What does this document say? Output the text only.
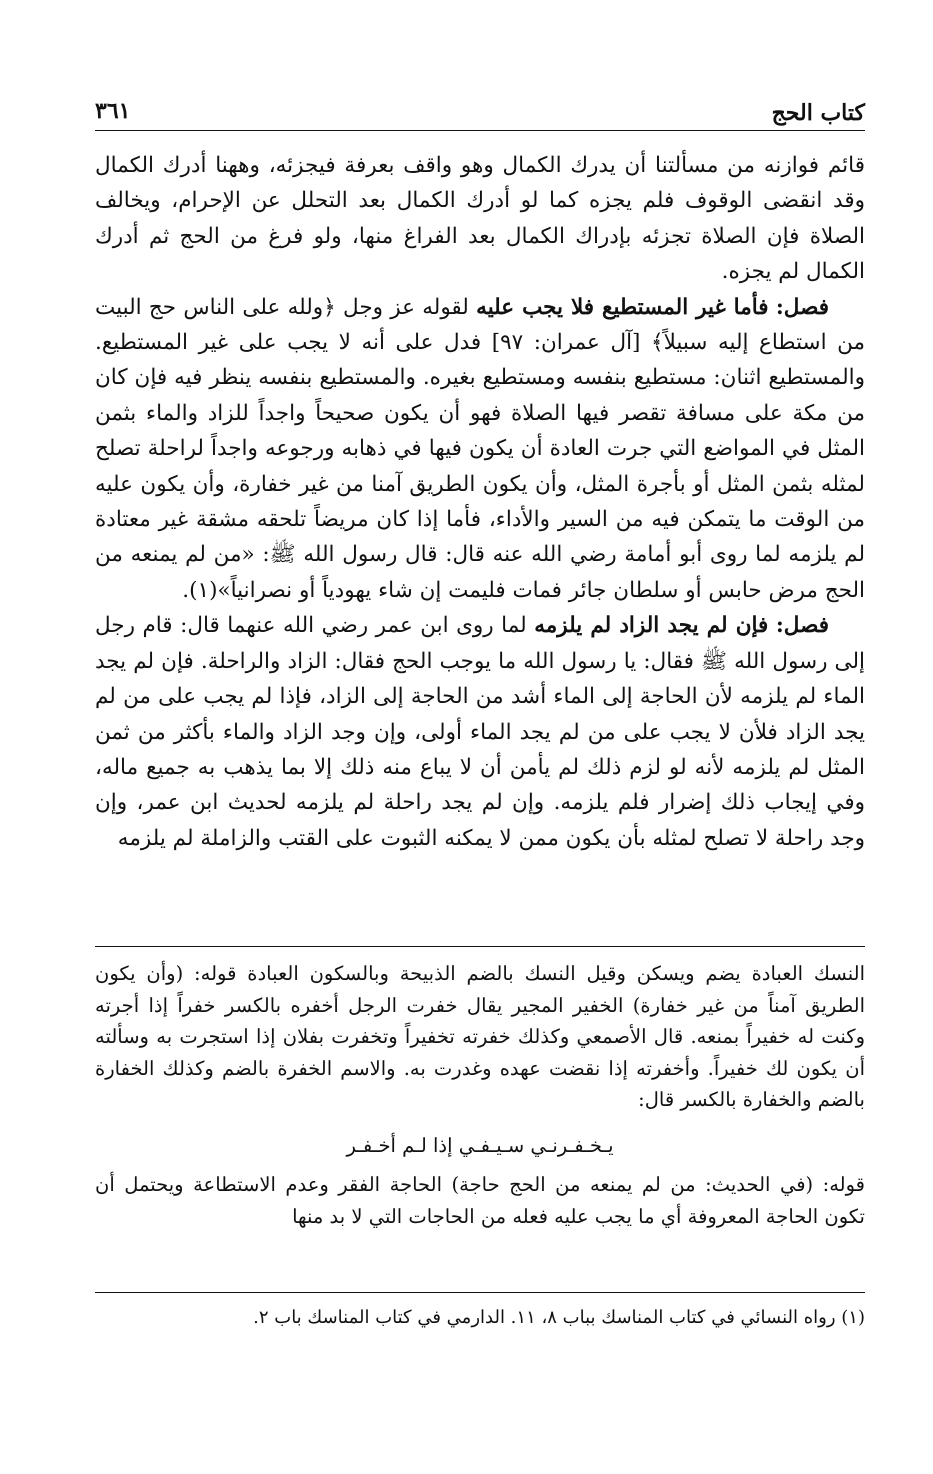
كتاب الحج
٣٦١

قائم فوازنه من مسألتنا أن يدرك الكمال وهو واقف بعرفة فيجزئه، وههنا أدرك الكمال وقد انقضى الوقوف فلم يجزه كما لو أدرك الكمال بعد التحلل عن الإحرام، ويخالف الصلاة فإن الصلاة تجزئه بإدراك الكمال بعد الفراغ منها، ولو فرغ من الحج ثم أدرك الكمال لم يجزه.

فصل: فأما غير المستطيع فلا يجب عليه لقوله عز وجل ﴿ولله على الناس حج البيت من استطاع إليه سبيلاً﴾ [آل عمران: ٩٧] فدل على أنه لا يجب على غير المستطيع. والمستطيع اثنان: مستطيع بنفسه ومستطيع بغيره. والمستطيع بنفسه ينظر فيه فإن كان من مكة على مسافة تقصر فيها الصلاة فهو أن يكون صحيحاً واجداً للزاد والماء بثمن المثل في المواضع التي جرت العادة أن يكون فيها في ذهابه ورجوعه واجداً لراحلة تصلح لمثله بثمن المثل أو بأجرة المثل، وأن يكون الطريق آمنا من غير خفارة، وأن يكون عليه من الوقت ما يتمكن فيه من السير والأداء، فأما إذا كان مريضاً تلحقه مشقة غير معتادة لم يلزمه لما روى أبو أمامة رضي الله عنه قال: قال رسول الله ﷺ: «من لم يمنعه من الحج مرض حابس أو سلطان جائر فمات فليمت إن شاء يهودياً أو نصرانياً»(١).

فصل: فإن لم يجد الزاد لم يلزمه لما روى ابن عمر رضي الله عنهما قال: قام رجل إلى رسول الله ﷺ فقال: يا رسول الله ما يوجب الحج فقال: الزاد والراحلة. فإن لم يجد الماء لم يلزمه لأن الحاجة إلى الماء أشد من الحاجة إلى الزاد، فإذا لم يجب على من لم يجد الزاد فلأن لا يجب على من لم يجد الماء أولى، وإن وجد الزاد والماء بأكثر من ثمن المثل لم يلزمه لأنه لو لزم ذلك لم يأمن أن لا يباع منه ذلك إلا بما يذهب به جميع ماله، وفي إيجاب ذلك إضرار فلم يلزمه. وإن لم يجد راحلة لم يلزمه لحديث ابن عمر، وإن وجد راحلة لا تصلح لمثله بأن يكون ممن لا يمكنه الثبوت على القتب والزاملة لم يلزمه

النسك العبادة يضم ويسكن وقيل النسك بالضم الذبيحة وبالسكون العبادة قوله: (وأن يكون الطريق آمناً من غير خفارة) الخفير المجير يقال خفرت الرجل أخفره بالكسر خفراً إذا أجرته وكنت له خفيراً بمنعه. قال الأصمعي وكذلك خفرته تخفيراً وتخفرت بفلان إذا استجرت به وسألته أن يكون لك خفيراً. وأخفرته إذا نقضت عهده وغدرت به. والاسم الخفرة بالضم وكذلك الخفارة بالضم والخفارة بالكسر قال:

يـخـفـرنـي سـيـفـي إذا لـم أخـفـر

قوله: (في الحديث: من لم يمنعه من الحج حاجة) الحاجة الفقر وعدم الاستطاعة ويحتمل أن تكون الحاجة المعروفة أي ما يجب عليه فعله من الحاجات التي لا بد منها

(١) رواه النسائي في كتاب المناسك بباب ٨، ١١. الدارمي في كتاب المناسك باب ٢.
